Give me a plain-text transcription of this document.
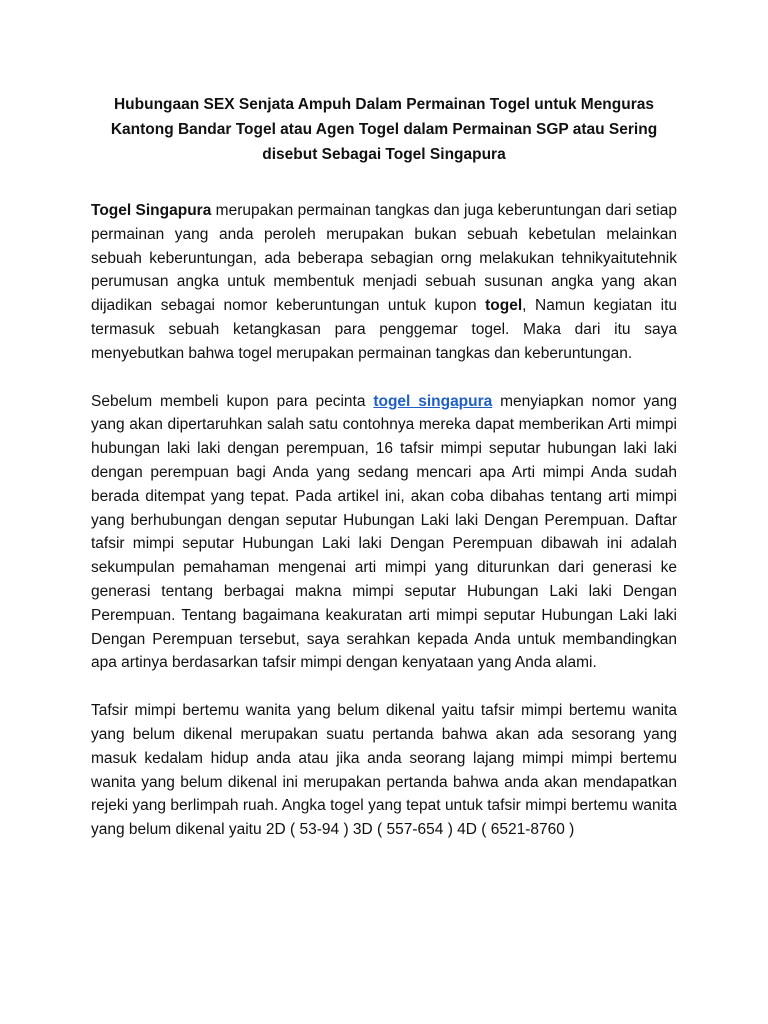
Hubungaan SEX Senjata Ampuh Dalam Permainan Togel untuk Menguras
Kantong Bandar Togel atau Agen Togel dalam Permainan SGP atau Sering
disebut Sebagai Togel Singapura

Togel Singapura merupakan permainan tangkas dan juga keberuntungan dari setiap permainan yang anda peroleh merupakan bukan sebuah kebetulan melainkan sebuah keberuntungan, ada beberapa sebagian orng melakukan tehnikyaitutehnik perumusan angka untuk membentuk menjadi sebuah susunan angka yang akan dijadikan sebagai nomor keberuntungan untuk kupon togel, Namun kegiatan itu termasuk sebuah ketangkasan para penggemar togel. Maka dari itu saya menyebutkan bahwa togel merupakan permainan tangkas dan keberuntungan.

Sebelum membeli kupon para pecinta togel singapura menyiapkan nomor yang yang akan dipertaruhkan salah satu contohnya mereka dapat memberikan Arti mimpi hubungan laki laki dengan perempuan, 16 tafsir mimpi seputar hubungan laki laki dengan perempuan bagi Anda yang sedang mencari apa Arti mimpi Anda sudah berada ditempat yang tepat. Pada artikel ini, akan coba dibahas tentang arti mimpi yang berhubungan dengan seputar Hubungan Laki laki Dengan Perempuan. Daftar tafsir mimpi seputar Hubungan Laki laki Dengan Perempuan dibawah ini adalah sekumpulan pemahaman mengenai arti mimpi yang diturunkan dari generasi ke generasi tentang berbagai makna mimpi seputar Hubungan Laki laki Dengan Perempuan. Tentang bagaimana keakuratan arti mimpi seputar Hubungan Laki laki Dengan Perempuan tersebut, saya serahkan kepada Anda untuk membandingkan apa artinya berdasarkan tafsir mimpi dengan kenyataan yang Anda alami.

Tafsir mimpi bertemu wanita yang belum dikenal yaitu tafsir mimpi bertemu wanita yang belum dikenal merupakan suatu pertanda bahwa akan ada sesorang yang masuk kedalam hidup anda atau jika anda seorang lajang mimpi mimpi bertemu wanita yang belum dikenal ini merupakan pertanda bahwa anda akan mendapatkan rejeki yang berlimpah ruah. Angka togel yang tepat untuk tafsir mimpi bertemu wanita yang belum dikenal yaitu 2D ( 53-94 ) 3D ( 557-654 ) 4D ( 6521-8760 )
